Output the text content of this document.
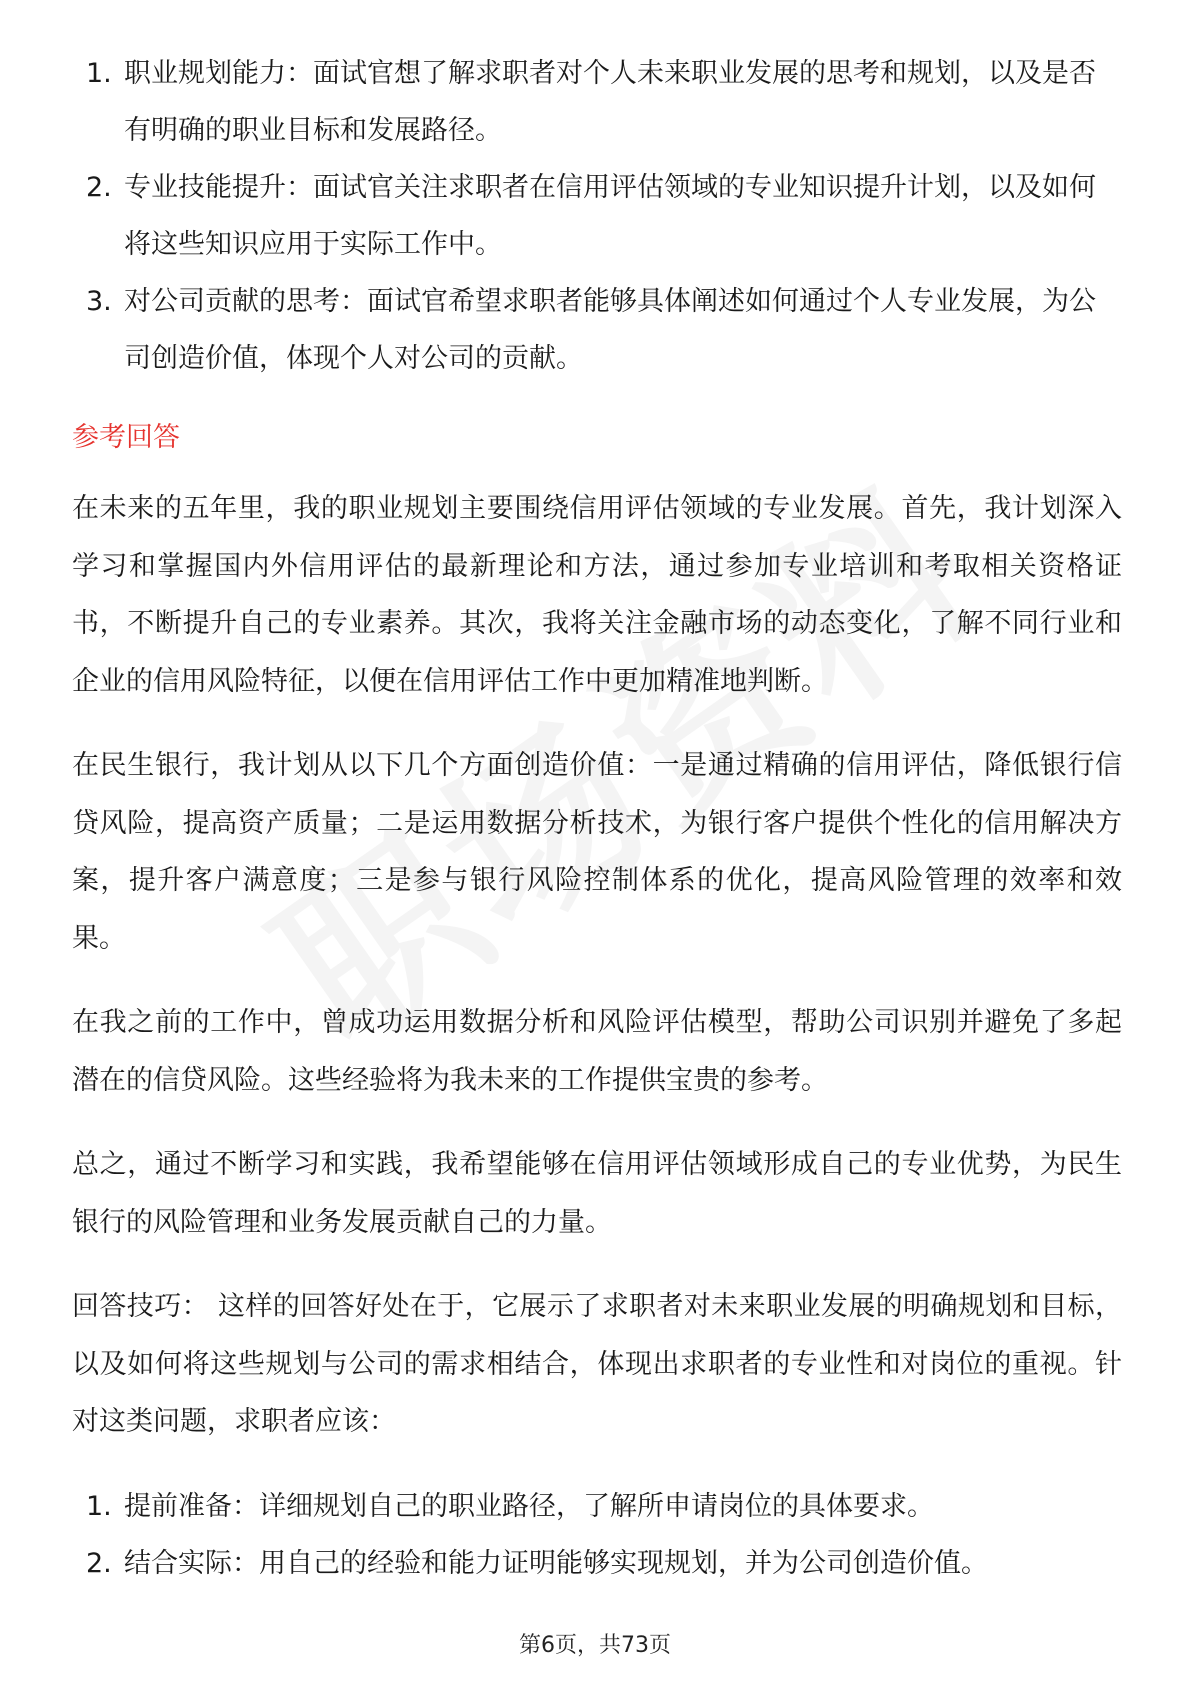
1. 职业规划能力：面试官想了解求职者对个人未来职业发展的思考和规划，以及是否有明确的职业目标和发展路径。
2. 专业技能提升：面试官关注求职者在信用评估领域的专业知识提升计划，以及如何将这些知识应用于实际工作中。
3. 对公司贡献的思考：面试官希望求职者能够具体阐述如何通过个人专业发展，为公司创造价值，体现个人对公司的贡献。
参考回答

在未来的五年里，我的职业规划主要围绕信用评估领域的专业发展。首先，我计划深入学习和掌握国内外信用评估的最新理论和方法，通过参加专业培训和考取相关资格证书，不断提升自己的专业素养。其次，我将关注金融市场的动态变化，了解不同行业和企业的信用风险特征，以便在信用评估工作中更加精准地判断。

在民生银行，我计划从以下几个方面创造价值：一是通过精确的信用评估，降低银行信贷风险，提高资产质量；二是运用数据分析技术，为银行客户提供个性化的信用解决方案，提升客户满意度；三是参与银行风险控制体系的优化，提高风险管理的效率和效果。

在我之前的工作中，曾成功运用数据分析和风险评估模型，帮助公司识别并避免了多起潜在的信贷风险。这些经验将为我未来的工作提供宝贵的参考。

总之，通过不断学习和实践，我希望能够在信用评估领域形成自己的专业优势，为民生银行的风险管理和业务发展贡献自己的力量。

回答技巧： 这样的回答好处在于，它展示了求职者对未来职业发展的明确规划和目标，以及如何将这些规划与公司的需求相结合，体现出求职者的专业性和对岗位的重视。针对这类问题，求职者应该：

1. 提前准备：详细规划自己的职业路径，了解所申请岗位的具体要求。
2. 结合实际：用自己的经验和能力证明能够实现规划，并为公司创造价值。
第6页，共73页
